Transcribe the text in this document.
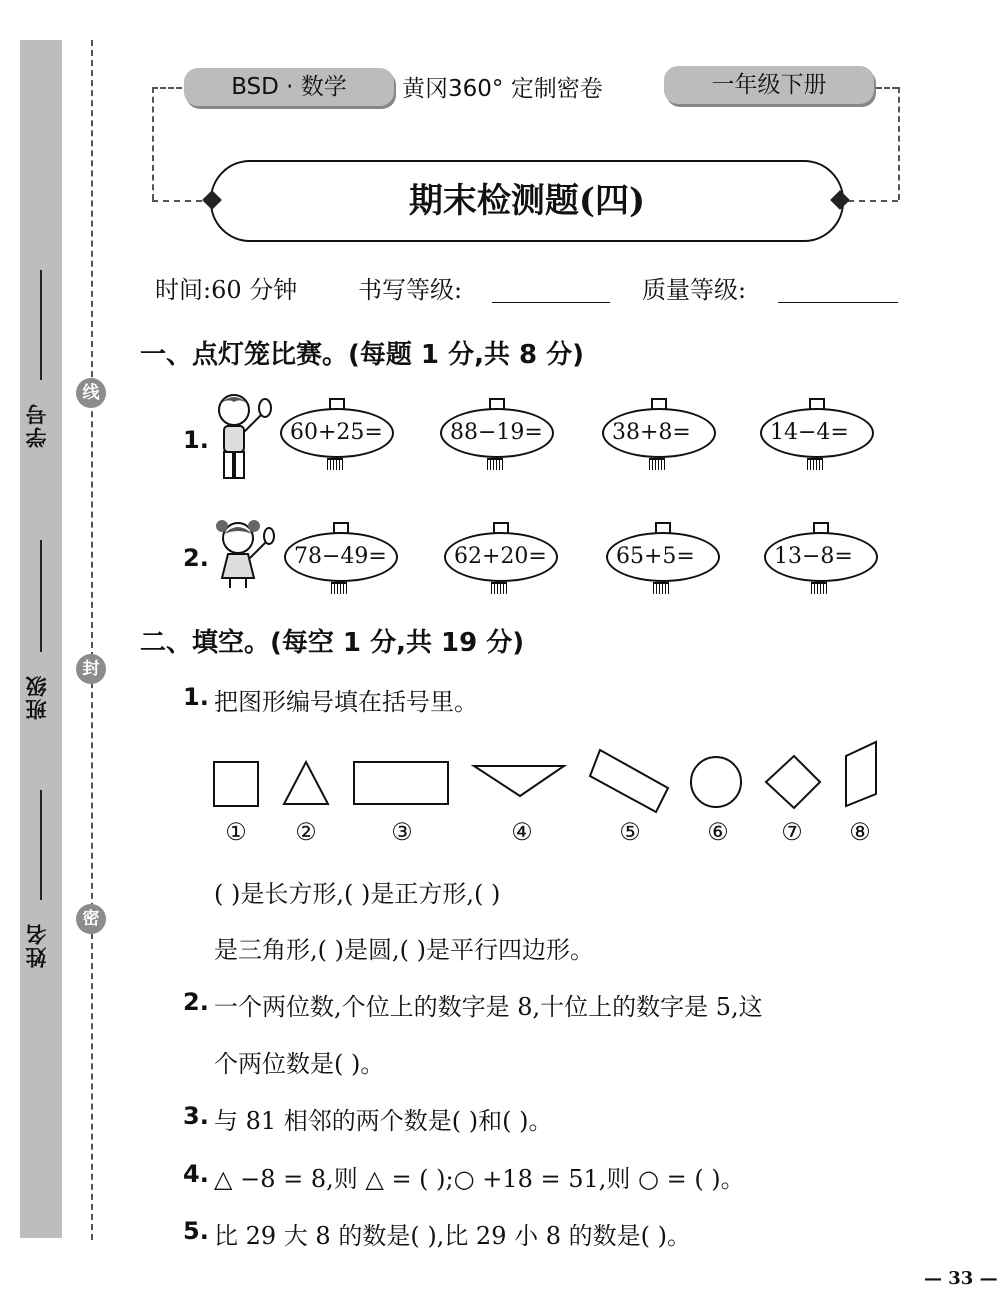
学号
班级
姓名
线
封
密
BSD · 数学	黄冈360° 定制密卷	一年级下册
期末检测题(四)
时间:60 分钟	书写等级:	质量等级:
一、点灯笼比赛。(每题 1 分,共 8 分)
1.
2.
60+25=	88−19=	38+8=	14−4=
78−49=	62+20=	65+5=	13−8=
二、填空。(每空 1 分,共 19 分)
1. 把图形编号填在括号里。
①	②	③	④	⑤	⑥	⑦	⑧
( )是长方形,( )是正方形,( )
是三角形,( )是圆,( )是平行四边形。
2. 一个两位数,个位上的数字是 8,十位上的数字是 5,这
个两位数是( )。
3. 与 81 相邻的两个数是( )和( )。
4. △ −8 = 8,则 △ = ( );○ +18 = 51,则 ○ = ( )。
5. 比 29 大 8 的数是( ),比 29 小 8 的数是( )。
— 33 —
